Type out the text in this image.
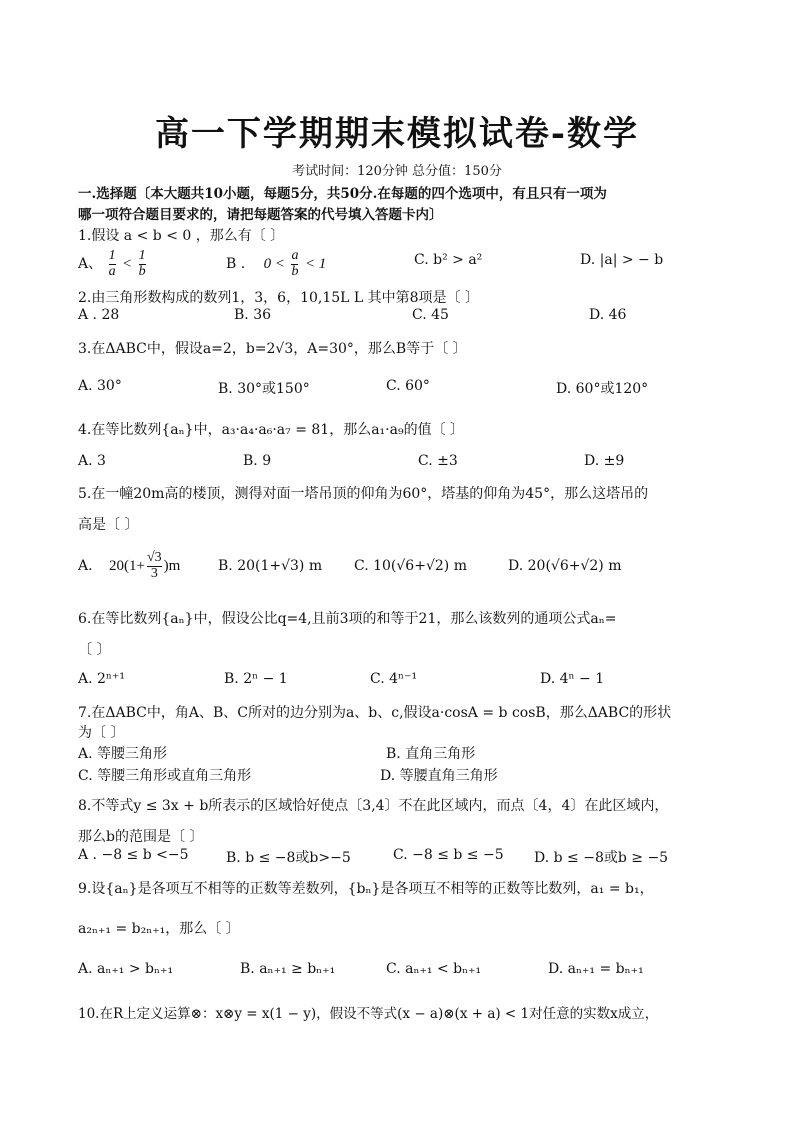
高一下学期期末模拟试卷-数学
考试时间：120分钟 总分值：150分
一.选择题〔本大题共10小题，每题5分，共50分.在每题的四个选项中，有且只有一项为
哪一项符合题目要求的，请把每题答案的代号填入答题卡内〕
1.假设 a < b < 0 ，那么有〔 〕
A、 $\frac{1}{a} < \frac{1}{b}$	B . $0 < \frac{a}{b} < 1$	C. b² > a²	D. |a| > − b
2.由三角形数构成的数列1，3，6，10,15L L 其中第8项是〔 〕
A . 28	B. 36	C. 45	D. 46
3.在ΔABC中，假设a=2，b=2√3，A=30°，那么B等于〔 〕
A. 30°	B. 30°或150°	C. 60°	D. 60°或120°
4.在等比数列{aₙ}中，a₃·a₄·a₆·a₇ = 81，那么a₁·a₉的值〔 〕
A. 3	B. 9	C. ±3	D. ±9
5.在一幢20m高的楼顶，测得对面一塔吊顶的仰角为60°，塔基的仰角为45°，那么这塔吊的
高是〔 〕
A. $20(1+ \frac{√3}{3} )m$	B. 20(1+√3) m C. 10(√6+√2) m	D. 20(√6+√2) m
6.在等比数列{aₙ}中，假设公比q=4,且前3项的和等于21，那么该数列的通项公式aₙ=
〔 〕
A. 2ⁿ⁺¹	B. 2ⁿ − 1	C. 4ⁿ⁻¹	D. 4ⁿ − 1
7.在ΔABC中，角A、B、C所对的边分别为a、b、c,假设a·cosA = b cosB，那么ΔABC的形状
为〔 〕
A. 等腰三角形	B. 直角三角形
C. 等腰三角形或直角三角形	D. 等腰直角三角形
8.不等式y ≤ 3x + b所表示的区域恰好使点〔3,4〕不在此区域内，而点〔4，4〕在此区域内，
那么b的范围是〔 〕
A . −8 ≤ b <−5	B. b ≤ −8或b>−5	C. −8 ≤ b ≤ −5 D. b ≤ −8或b ≥ −5
9.设{aₙ}是各项互不相等的正数等差数列，{bₙ}是各项互不相等的正数等比数列，a₁ = b₁，
a₂ₙ₊₁ = b₂ₙ₊₁，那么〔 〕
A. aₙ₊₁ > bₙ₊₁	B. aₙ₊₁ ≥ bₙ₊₁	C. aₙ₊₁ < bₙ₊₁	D. aₙ₊₁ = bₙ₊₁
10.在R上定义运算⊗：x⊗y = x(1 − y)，假设不等式(x − a)⊗(x + a) < 1对任意的实数x成立，
